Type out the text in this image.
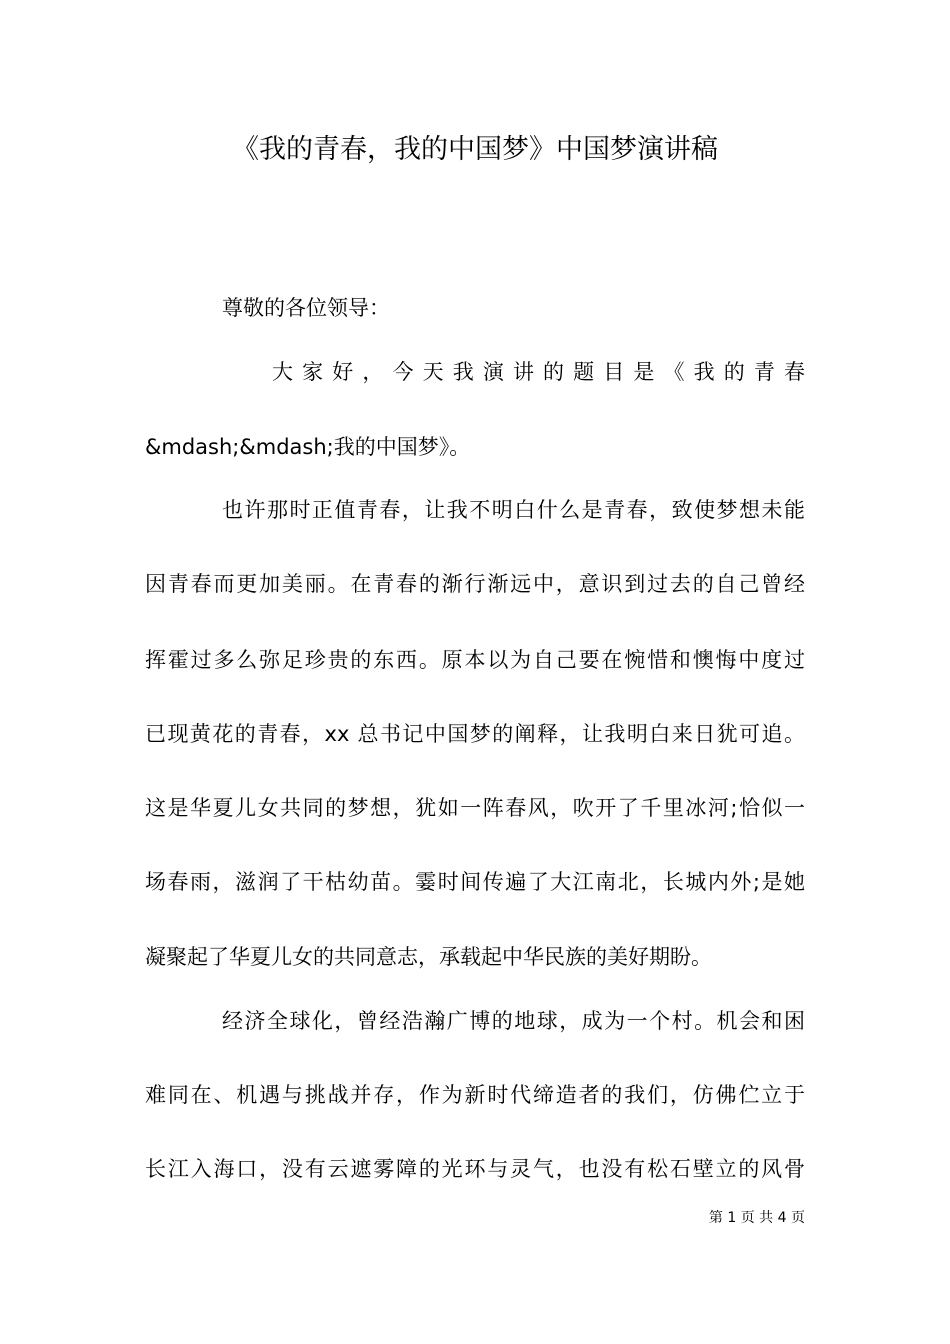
《我的青春，我的中国梦》中国梦演讲稿
尊敬的各位领导：
大 家 好 ， 今 天 我 演 讲 的 题 目 是 《 我 的 青 春
&mdash;&mdash;我的中国梦》。
也许那时正值青春，让我不明白什么是青春，致使梦想未能
因青春而更加美丽。在青春的渐行渐远中，意识到过去的自己曾经
挥霍过多么弥足珍贵的东西。原本以为自己要在惋惜和懊悔中度过
已现黄花的青春，xx 总书记中国梦的阐释，让我明白来日犹可追。
这是华夏儿女共同的梦想，犹如一阵春风，吹开了千里冰河;恰似一
场春雨，滋润了干枯幼苗。霎时间传遍了大江南北，长城内外;是她
凝聚起了华夏儿女的共同意志，承载起中华民族的美好期盼。
经济全球化，曾经浩瀚广博的地球，成为一个村。机会和困
难同在、机遇与挑战并存，作为新时代缔造者的我们，仿佛伫立于
长江入海口，没有云遮雾障的光环与灵气，也没有松石壁立的风骨
第 1 页 共 4 页
